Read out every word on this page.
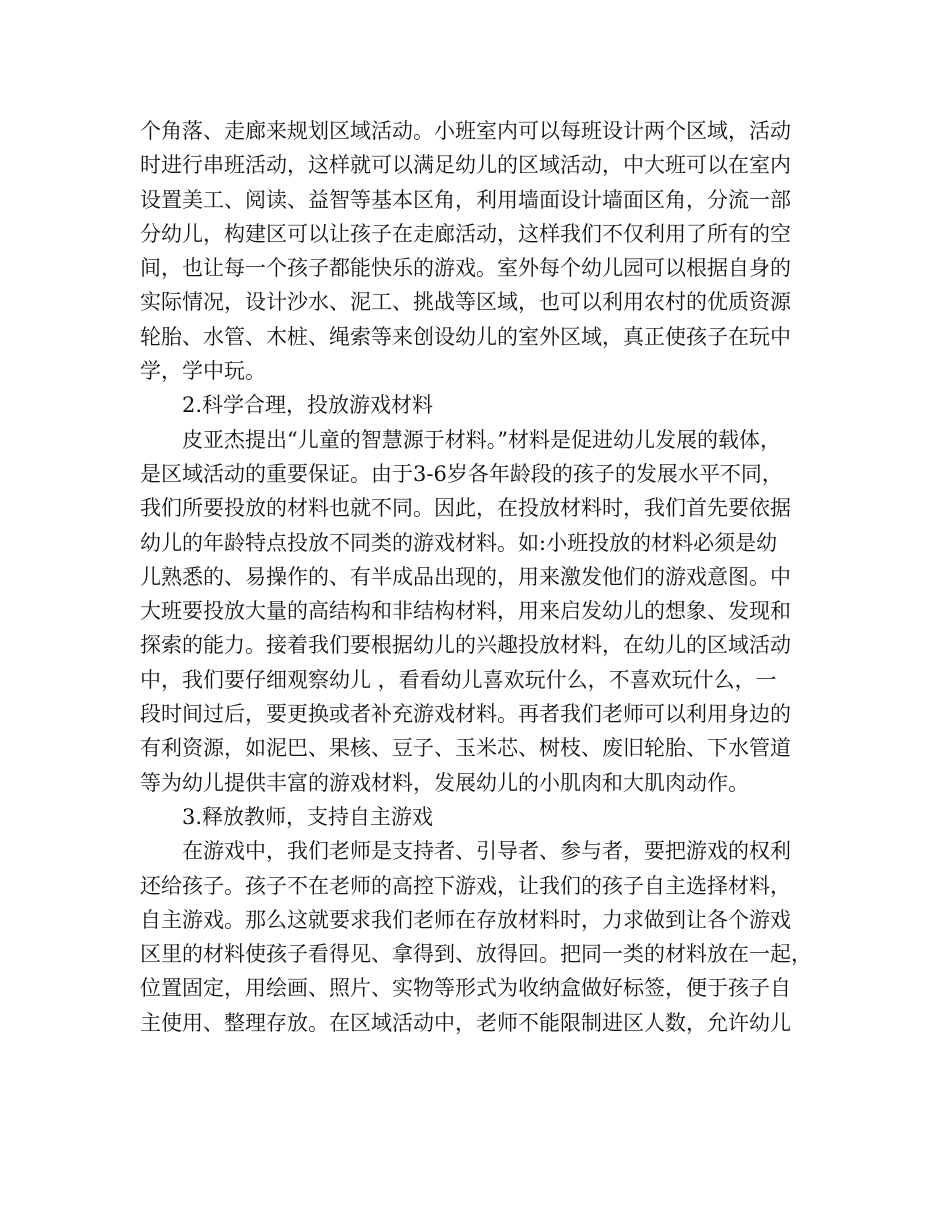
个角落、走廊来规划区域活动。小班室内可以每班设计两个区域，活动
时进行串班活动，这样就可以满足幼儿的区域活动，中大班可以在室内
设置美工、阅读、益智等基本区角，利用墙面设计墙面区角，分流一部
分幼儿，构建区可以让孩子在走廊活动，这样我们不仅利用了所有的空
间，也让每一个孩子都能快乐的游戏。室外每个幼儿园可以根据自身的
实际情况，设计沙水、泥工、挑战等区域，也可以利用农村的优质资源
轮胎、水管、木桩、绳索等来创设幼儿的室外区域，真正使孩子在玩中
学，学中玩。
2.科学合理，投放游戏材料
皮亚杰提出“儿童的智慧源于材料。”材料是促进幼儿发展的载体，
是区域活动的重要保证。由于3-6岁各年龄段的孩子的发展水平不同，
我们所要投放的材料也就不同。因此，在投放材料时，我们首先要依据
幼儿的年龄特点投放不同类的游戏材料。如:小班投放的材料必须是幼
儿熟悉的、易操作的、有半成品出现的，用来激发他们的游戏意图。中
大班要投放大量的高结构和非结构材料，用来启发幼儿的想象、发现和
探索的能力。接着我们要根据幼儿的兴趣投放材料，在幼儿的区域活动
中，我们要仔细观察幼儿 ，看看幼儿喜欢玩什么，不喜欢玩什么，一
段时间过后，要更换或者补充游戏材料。再者我们老师可以利用身边的
有利资源，如泥巴、果核、豆子、玉米芯、树枝、废旧轮胎、下水管道
等为幼儿提供丰富的游戏材料，发展幼儿的小肌肉和大肌肉动作。
3.释放教师，支持自主游戏
在游戏中，我们老师是支持者、引导者、参与者，要把游戏的权利
还给孩子。孩子不在老师的高控下游戏，让我们的孩子自主选择材料，
自主游戏。那么这就要求我们老师在存放材料时，力求做到让各个游戏
区里的材料使孩子看得见、拿得到、放得回。把同一类的材料放在一起，
位置固定，用绘画、照片、实物等形式为收纳盒做好标签，便于孩子自
主使用、整理存放。在区域活动中，老师不能限制进区人数，允许幼儿
